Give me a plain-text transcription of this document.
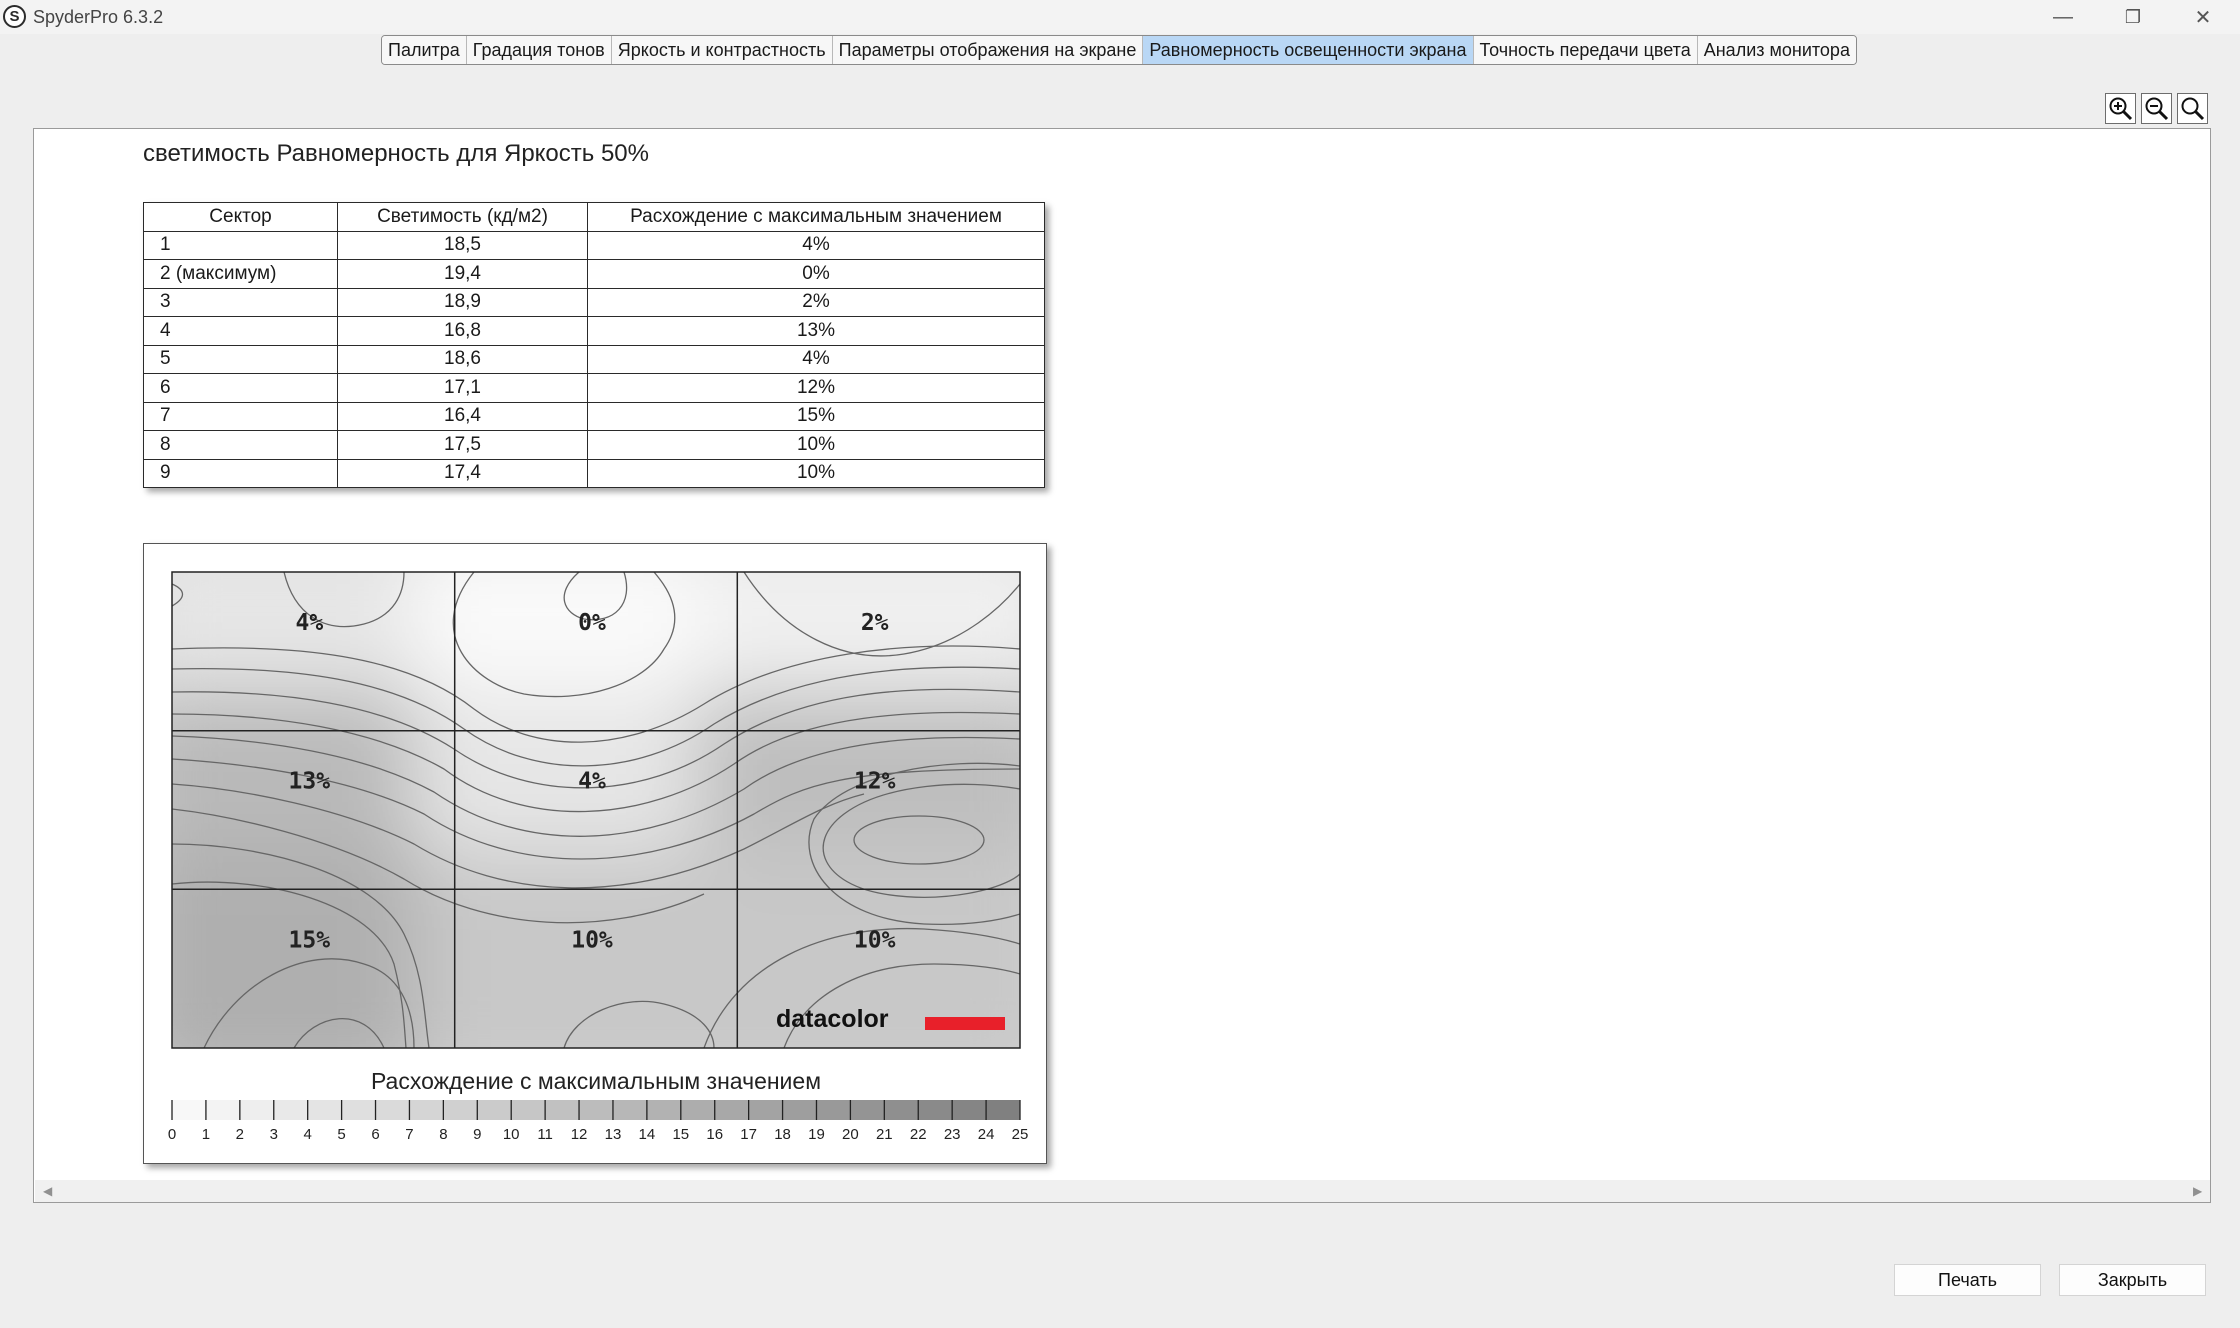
S SpyderPro 6.3.2	—	❐	✕
Палитра Градация тонов Яркость и контрастность Параметры отображения на экране Равномерность освещенности экрана Точность передачи цвета Анализ монитора
светимость Равномерность для Яркость 50%
Сектор	Светимость (кд/м2)	Расхождение с максимальным значением
1	18,5	4%
2 (максимум)	19,4	0%
3	18,9	2%
4	16,8	13%
5	18,6	4%
6	17,1	12%
7	16,4	15%
8	17,5	10%
9	17,4	10%
4%	0%	2%
13%	4%	12%
15%	10%	10%
datacolor
Расхождение с максимальным значением
0 1 2 3 4 5 6 7 8 9 10 11 12 13 14 15 16 17 18 19 20 21 22 23 24 25
◀	▶
Печать	Закрыть
